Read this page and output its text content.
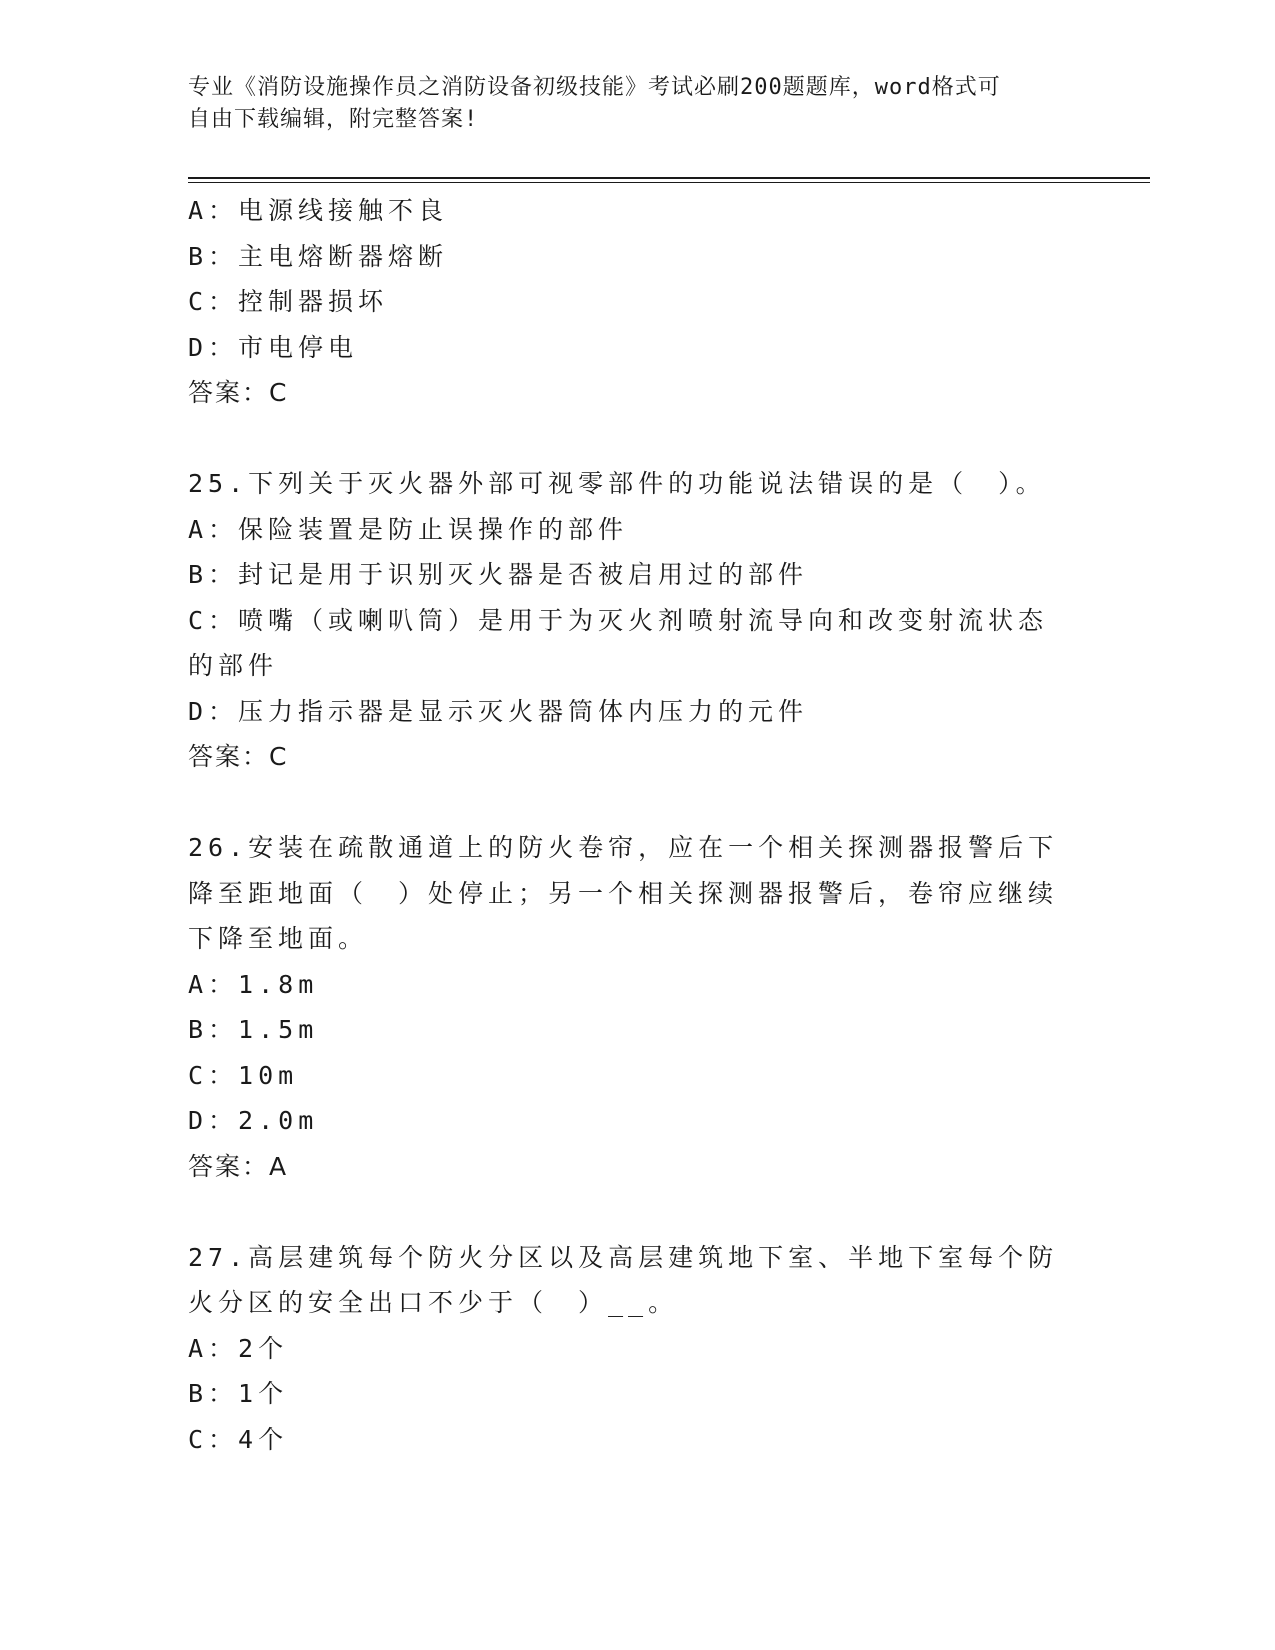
专业《消防设施操作员之消防设备初级技能》考试必刷200题题库，word格式可
自由下载编辑，附完整答案!
A：电源线接触不良
B：主电熔断器熔断
C：控制器损坏
D：市电停电
答案：C
25.下列关于灭火器外部可视零部件的功能说法错误的是（　）。
A：保险装置是防止误操作的部件
B：封记是用于识别灭火器是否被启用过的部件
C：喷嘴（或喇叭筒）是用于为灭火剂喷射流导向和改变射流状态的部件
D：压力指示器是显示灭火器筒体内压力的元件
答案：C
26.安装在疏散通道上的防火卷帘，应在一个相关探测器报警后下降至距地面（　）处停止；另一个相关探测器报警后，卷帘应继续下降至地面。
A：1.8m
B：1.5m
C：10m
D：2.0m
答案：A
27.高层建筑每个防火分区以及高层建筑地下室、半地下室每个防火分区的安全出口不少于（　）__。
A：2个
B：1个
C：4个
